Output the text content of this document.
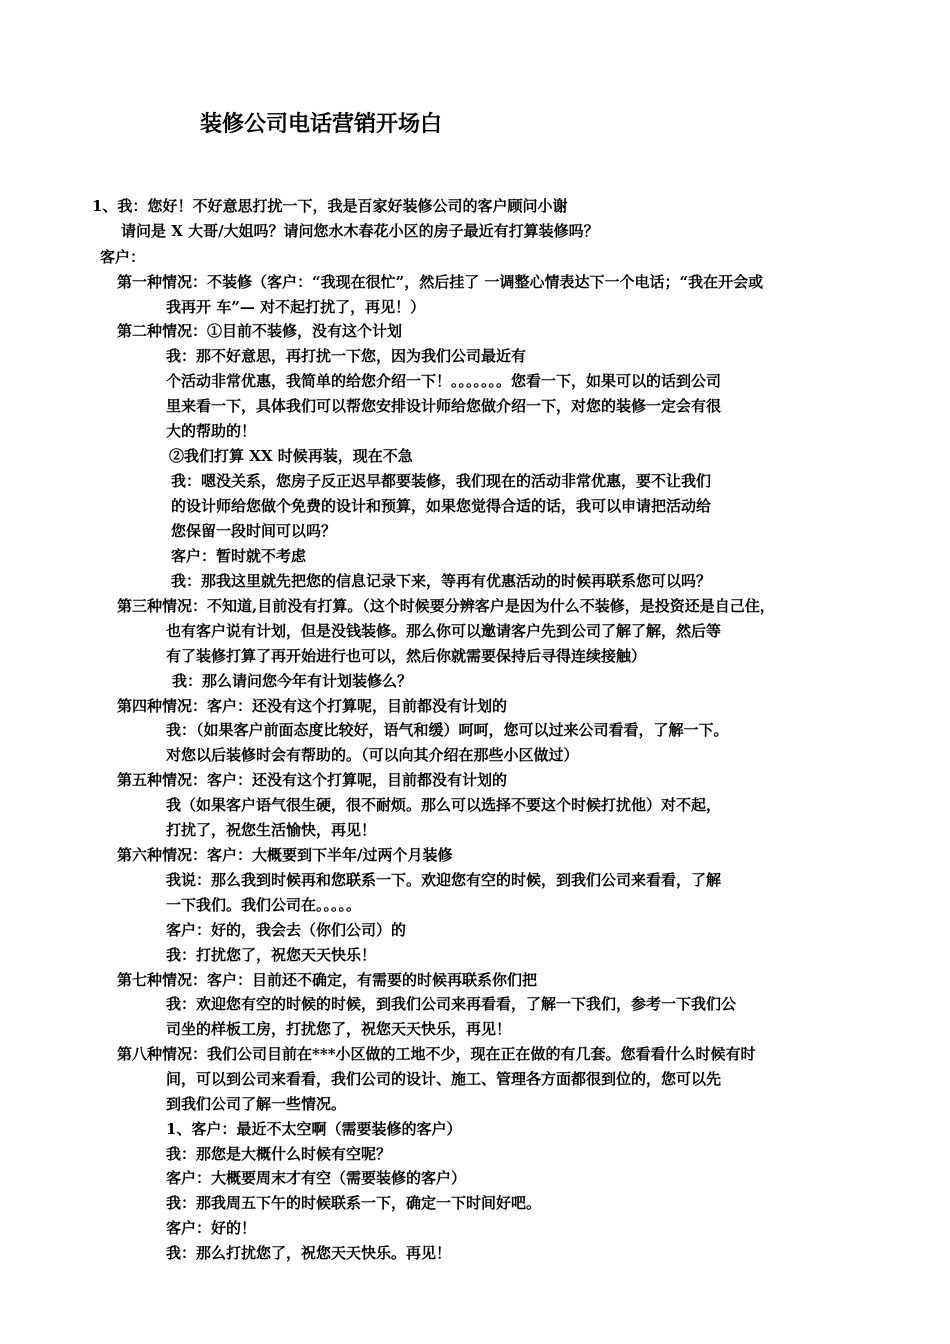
装修公司电话营销开场白
1、我：您好！不好意思打扰一下，我是百家好装修公司的客户顾问小谢
请问是 X 大哥/大姐吗？请问您水木春花小区的房子最近有打算装修吗？
客户：
第一种情况：不装修（客户：“我现在很忙”，然后挂了 一调整心情表达下一个电话；“我在开会或
我再开 车”— 对不起打扰了，再见！）
第二种情况：①目前不装修，没有这个计划
我：那不好意思，再打扰一下您，因为我们公司最近有
个活动非常优惠，我简单的给您介绍一下！。。。。。。。您看一下，如果可以的话到公司
里来看一下，具体我们可以帮您安排设计师给您做介绍一下，对您的装修一定会有很
大的帮助的！
②我们打算 XX 时候再装，现在不急
我：嗯没关系，您房子反正迟早都要装修，我们现在的活动非常优惠，要不让我们
的设计师给您做个免费的设计和预算，如果您觉得合适的话，我可以申请把活动给
您保留一段时间可以吗？
客户：暂时就不考虑
我：那我这里就先把您的信息记录下来，等再有优惠活动的时候再联系您可以吗？
第三种情况：不知道,目前没有打算。（这个时候要分辨客户是因为什么不装修，是投资还是自己住，
也有客户说有计划，但是没钱装修。那么你可以邀请客户先到公司了解了解，然后等
有了装修打算了再开始进行也可以，然后你就需要保持后寻得连续接触）
我：那么请问您今年有计划装修么？
第四种情况：客户：还没有这个打算呢，目前都没有计划的
我：（如果客户前面态度比较好，语气和缓）呵呵，您可以过来公司看看，了解一下。
对您以后装修时会有帮助的。（可以向其介绍在那些小区做过）
第五种情况：客户：还没有这个打算呢，目前都没有计划的
我（如果客户语气很生硬，很不耐烦。那么可以选择不要这个时候打扰他）对不起，
打扰了，祝您生活愉快，再见！
第六种情况：客户：大概要到下半年/过两个月装修
我说：那么我到时候再和您联系一下。欢迎您有空的时候，到我们公司来看看，了解
一下我们。我们公司在。。。。。
客户：好的，我会去（你们公司）的
我：打扰您了，祝您天天快乐！
第七种情况：客户：目前还不确定，有需要的时候再联系你们把
我：欢迎您有空的时候的时候，到我们公司来再看看，了解一下我们，参考一下我们公
司坐的样板工房，打扰您了，祝您天天快乐，再见！
第八种情况：我们公司目前在***小区做的工地不少，现在正在做的有几套。您看看什么时候有时
间，可以到公司来看看，我们公司的设计、施工、管理各方面都很到位的，您可以先
到我们公司了解一些情况。
1、客户：最近不太空啊（需要装修的客户）
我：那您是大概什么时候有空呢？
客户：大概要周末才有空（需要装修的客户）
我：那我周五下午的时候联系一下，确定一下时间好吧。
客户：好的！
我：那么打扰您了，祝您天天快乐。再见！
